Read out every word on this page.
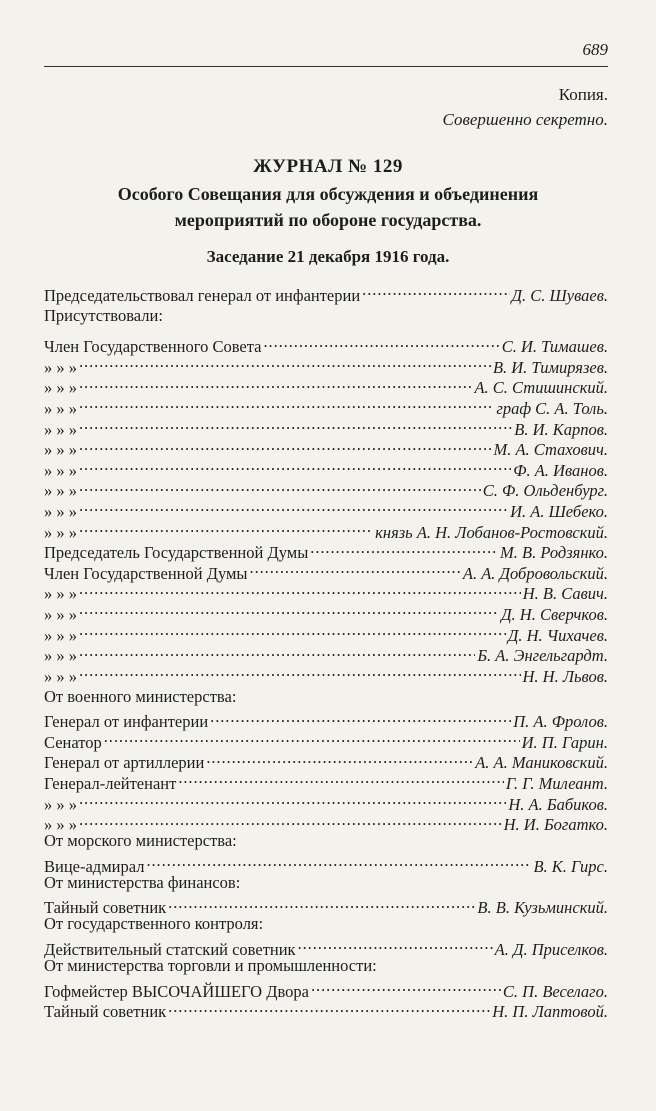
689
Копия.
Совершенно секретно.
ЖУРНАЛ № 129
Особого Совещания для обсуждения и объединения
мероприятий по обороне государства.
Заседание 21 декабря 1916 года.
Председательствовал генерал от инфантерии . . .	Д. С. Шуваев.
Присутствовали:
Член Государственного Совета . . .	С. И. Тимашев.
» » » . . .	В. И. Тимирязев.
» » » . . .	А. С. Стишинский.
» » » . . .	граф С. А. Толь.
» » » . . .	В. И. Карпов.
» » » . . .	М. А. Стахович.
» » » . . .	Ф. А. Иванов.
» » » . . .	С. Ф. Ольденбург.
» » » . . .	И. А. Шебеко.
» » » . . .	князь А. Н. Лобанов-Ростовский.
Председатель Государственной Думы . . .	М. В. Родзянко.
Член Государственной Думы . . .	А. А. Добровольский.
» » » . . .	Н. В. Савич.
» » » . . .	Д. Н. Сверчков.
» » » . . .	Д. Н. Чихачев.
» » » . . .	Б. А. Энгельгардт.
» » » . . .	Н. Н. Львов.
От военного министерства:
Генерал от инфантерии . . .	П. А. Фролов.
Сенатор . . .	И. П. Гарин.
Генерал от артиллерии . . .	А. А. Маниковский.
Генерал-лейтенант . . .	Г. Г. Милеант.
» » » . . .	Н. А. Бабиков.
» » » . . .	Н. И. Богатко.
От морского министерства:
Вице-адмирал . . .	В. К. Гирс.
От министерства финансов:
Тайный советник . . .	В. В. Кузьминский.
От государственного контроля:
Действительный статский советник . . .	А. Д. Приселков.
От министерства торговли и промышленности:
Гофмейстер ВЫСОЧАЙШЕГО Двора . . .	С. П. Веселаго.
Тайный советник . . .	Н. П. Лаптовой.
